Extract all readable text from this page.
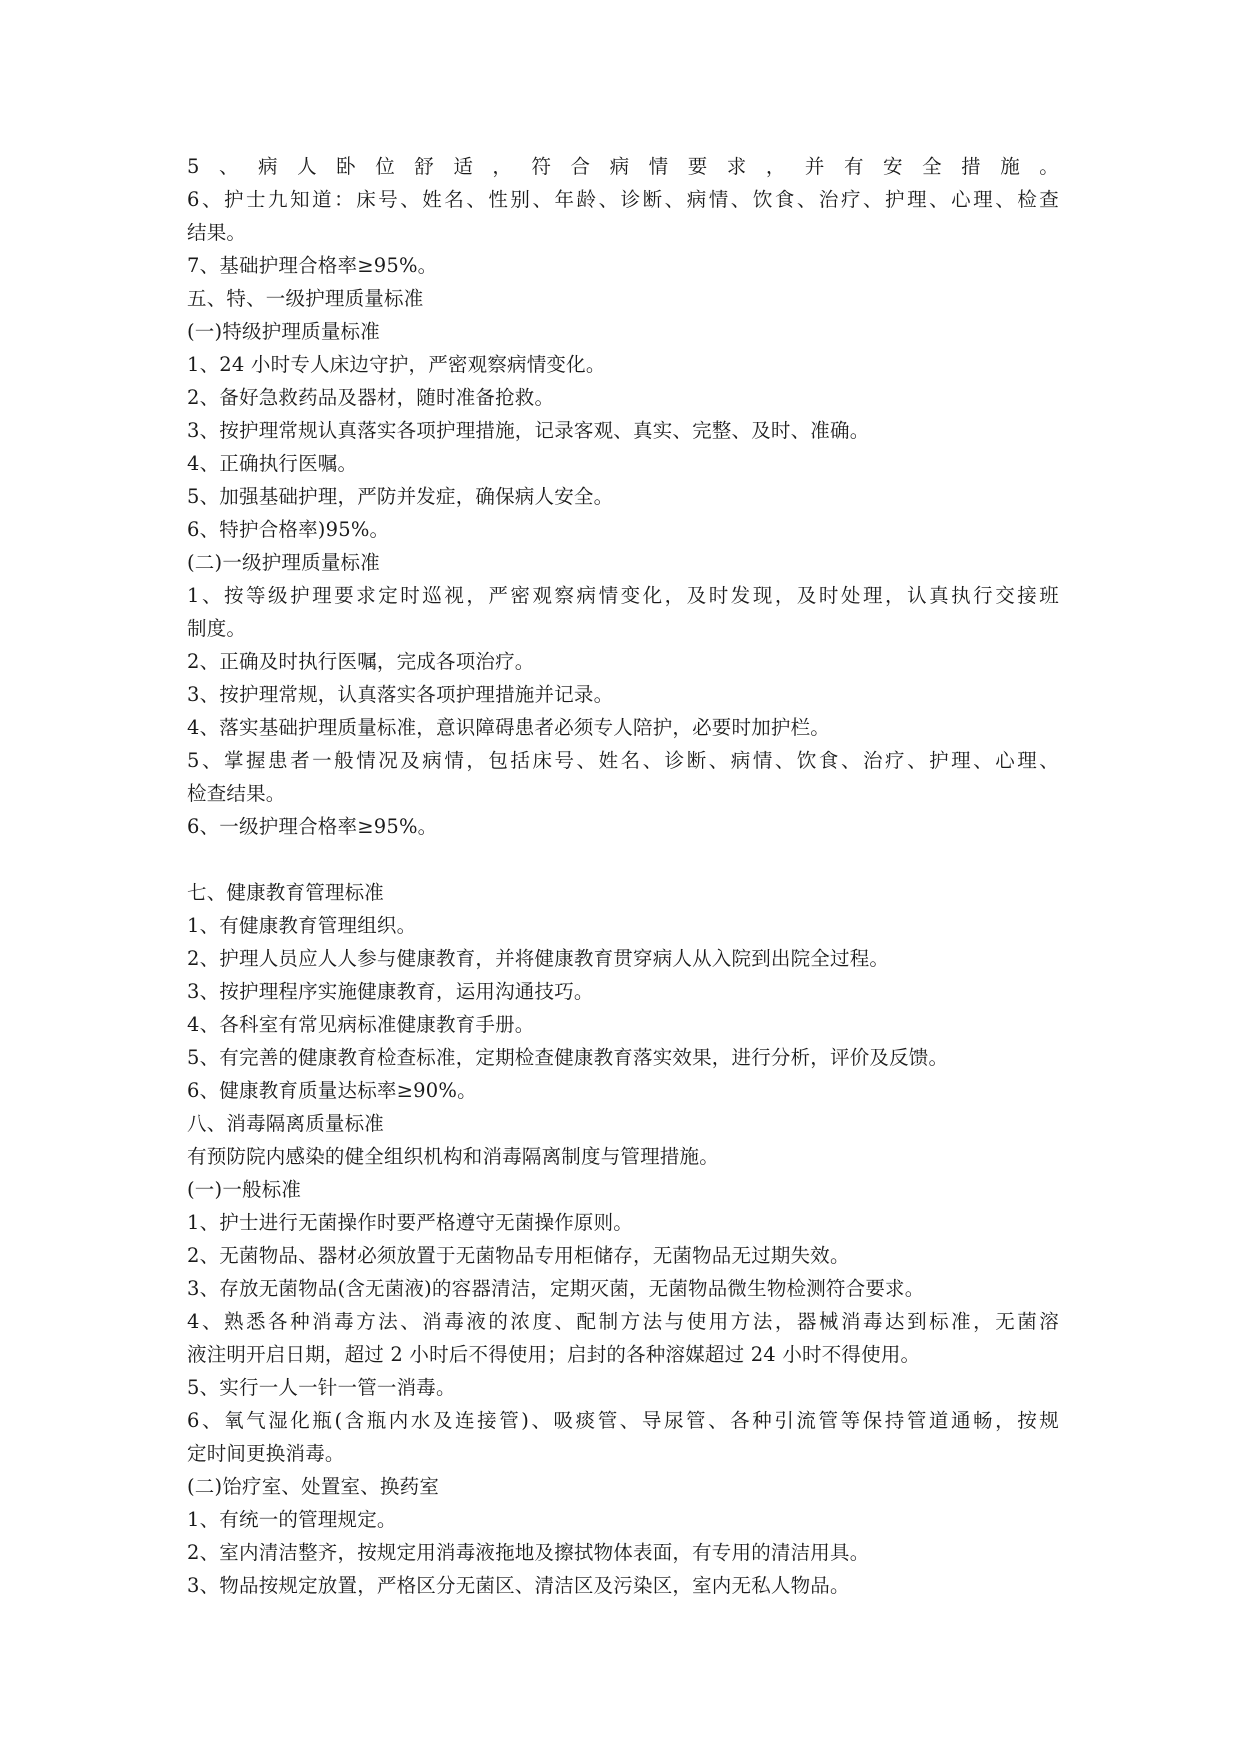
5、病人卧位舒适，符合病情要求，并有安全措施。
6、护士九知道：床号、姓名、性别、年龄、诊断、病情、饮食、治疗、护理、心理、检查
结果。
7、基础护理合格率≥95%。
五、特、一级护理质量标准
(一)特级护理质量标准
1、24 小时专人床边守护，严密观察病情变化。
2、备好急救药品及器材，随时准备抢救。
3、按护理常规认真落实各项护理措施，记录客观、真实、完整、及时、准确。
4、正确执行医嘱。
5、加强基础护理，严防并发症，确保病人安全。
6、特护合格率)95%。
(二)一级护理质量标准
1、按等级护理要求定时巡视，严密观察病情变化，及时发现，及时处理，认真执行交接班
制度。
2、正确及时执行医嘱，完成各项治疗。
3、按护理常规，认真落实各项护理措施并记录。
4、落实基础护理质量标准，意识障碍患者必须专人陪护，必要时加护栏。
5、掌握患者一般情况及病情，包括床号、姓名、诊断、病情、饮食、治疗、护理、心理、
检查结果。
6、一级护理合格率≥95%。
七、健康教育管理标准
1、有健康教育管理组织。
2、护理人员应人人参与健康教育，并将健康教育贯穿病人从入院到出院全过程。
3、按护理程序实施健康教育，运用沟通技巧。
4、各科室有常见病标准健康教育手册。
5、有完善的健康教育检查标准，定期检查健康教育落实效果，进行分析，评价及反馈。
6、健康教育质量达标率≥90%。
八、消毒隔离质量标准
有预防院内感染的健全组织机构和消毒隔离制度与管理措施。
(一)一般标准
1、护士进行无菌操作时要严格遵守无菌操作原则。
2、无菌物品、器材必须放置于无菌物品专用柜储存，无菌物品无过期失效。
3、存放无菌物品(含无菌液)的容器清洁，定期灭菌，无菌物品微生物检测符合要求。
4、熟悉各种消毒方法、消毒液的浓度、配制方法与使用方法，器械消毒达到标准，无菌溶
液注明开启日期，超过 2 小时后不得使用；启封的各种溶媒超过 24 小时不得使用。
5、实行一人一针一管一消毒。
6、氧气湿化瓶(含瓶内水及连接管)、吸痰管、导尿管、各种引流管等保持管道通畅，按规
定时间更换消毒。
(二)饴疗室、处置室、换药室
1、有统一的管理规定。
2、室内清洁整齐，按规定用消毒液拖地及擦拭物体表面，有专用的清洁用具。
3、物品按规定放置，严格区分无菌区、清洁区及污染区，室内无私人物品。
